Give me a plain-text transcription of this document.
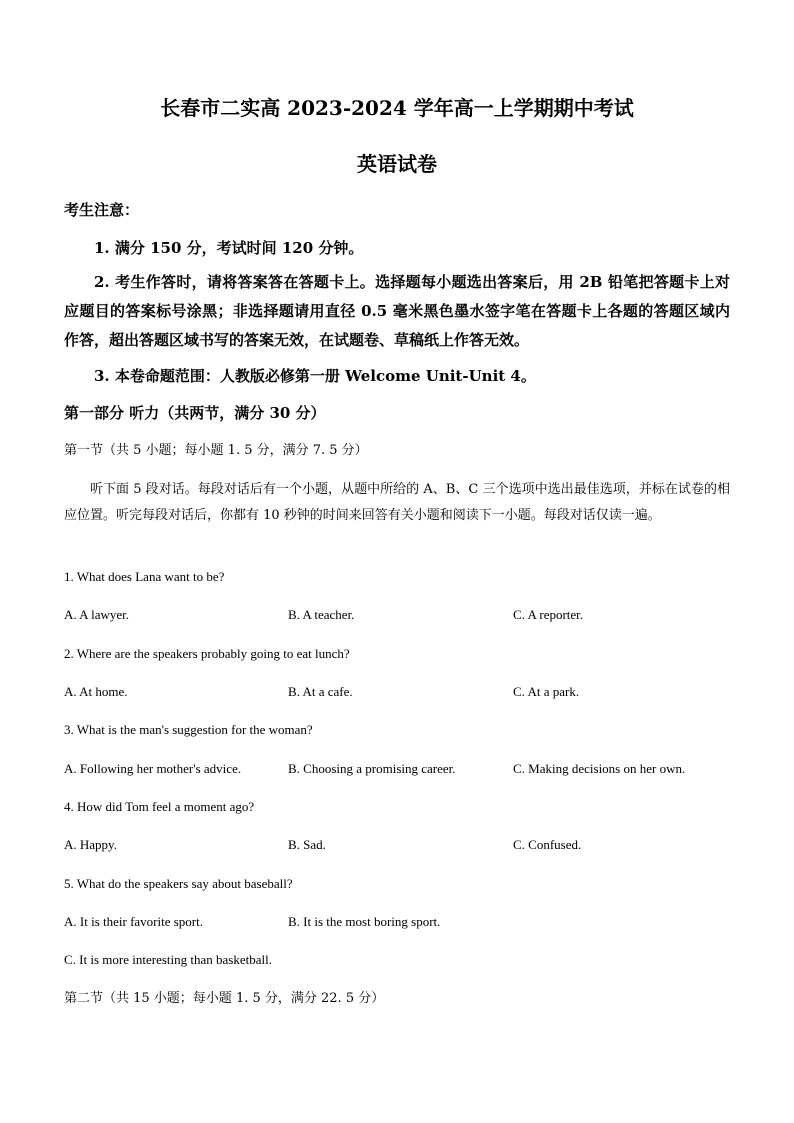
长春市二实高 2023-2024 学年高一上学期期中考试
英语试卷

考生注意：

1. 满分 150 分，考试时间 120 分钟。

2. 考生作答时，请将答案答在答题卡上。选择题每小题选出答案后，用 2B 铅笔把答题卡上对应题目的答案标号涂黑；非选择题请用直径 0.5 毫米黑色墨水签字笔在答题卡上各题的答题区域内作答，超出答题区域书写的答案无效，在试题卷、草稿纸上作答无效。

3. 本卷命题范围：人教版必修第一册 Welcome Unit-Unit 4。

第一部分 听力（共两节，满分 30 分）

第一节（共 5 小题；每小题 1. 5 分，满分 7. 5 分）

听下面 5 段对话。每段对话后有一个小题，从题中所给的 A、B、C 三个选项中选出最佳选项，并标在试卷的相应位置。听完每段对话后，你都有 10 秒钟的时间来回答有关小题和阅读下一小题。每段对话仅读一遍。

1. What does Lana want to be?

A. A lawyer.	B. A teacher.	C. A reporter.

2. Where are the speakers probably going to eat lunch?

A. At home.	B. At a cafe.	C. At a park.

3. What is the man's suggestion for the woman?

A. Following her mother's advice.	B. Choosing a promising career.	C. Making decisions on her own.

4. How did Tom feel a moment ago?

A. Happy.	B. Sad.	C. Confused.

5. What do the speakers say about baseball?

A. It is their favorite sport.	B. It is the most boring sport.
C. It is more interesting than basketball.

第二节（共 15 小题；每小题 1. 5 分，满分 22. 5 分）
